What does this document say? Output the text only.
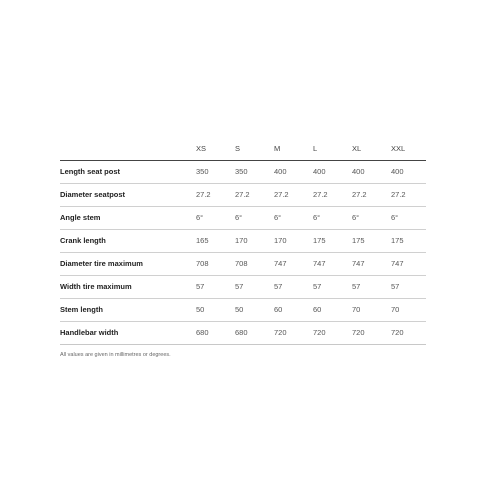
	XS	S	M	L	XL	XXL
Length seat post	350	350	400	400	400	400
Diameter seatpost	27.2	27.2	27.2	27.2	27.2	27.2
Angle stem	6°	6°	6°	6°	6°	6°
Crank length	165	170	170	175	175	175
Diameter tire maximum	708	708	747	747	747	747
Width tire maximum	57	57	57	57	57	57
Stem length	50	50	60	60	70	70
Handlebar width	680	680	720	720	720	720
All values are given in millimetres or degrees.
